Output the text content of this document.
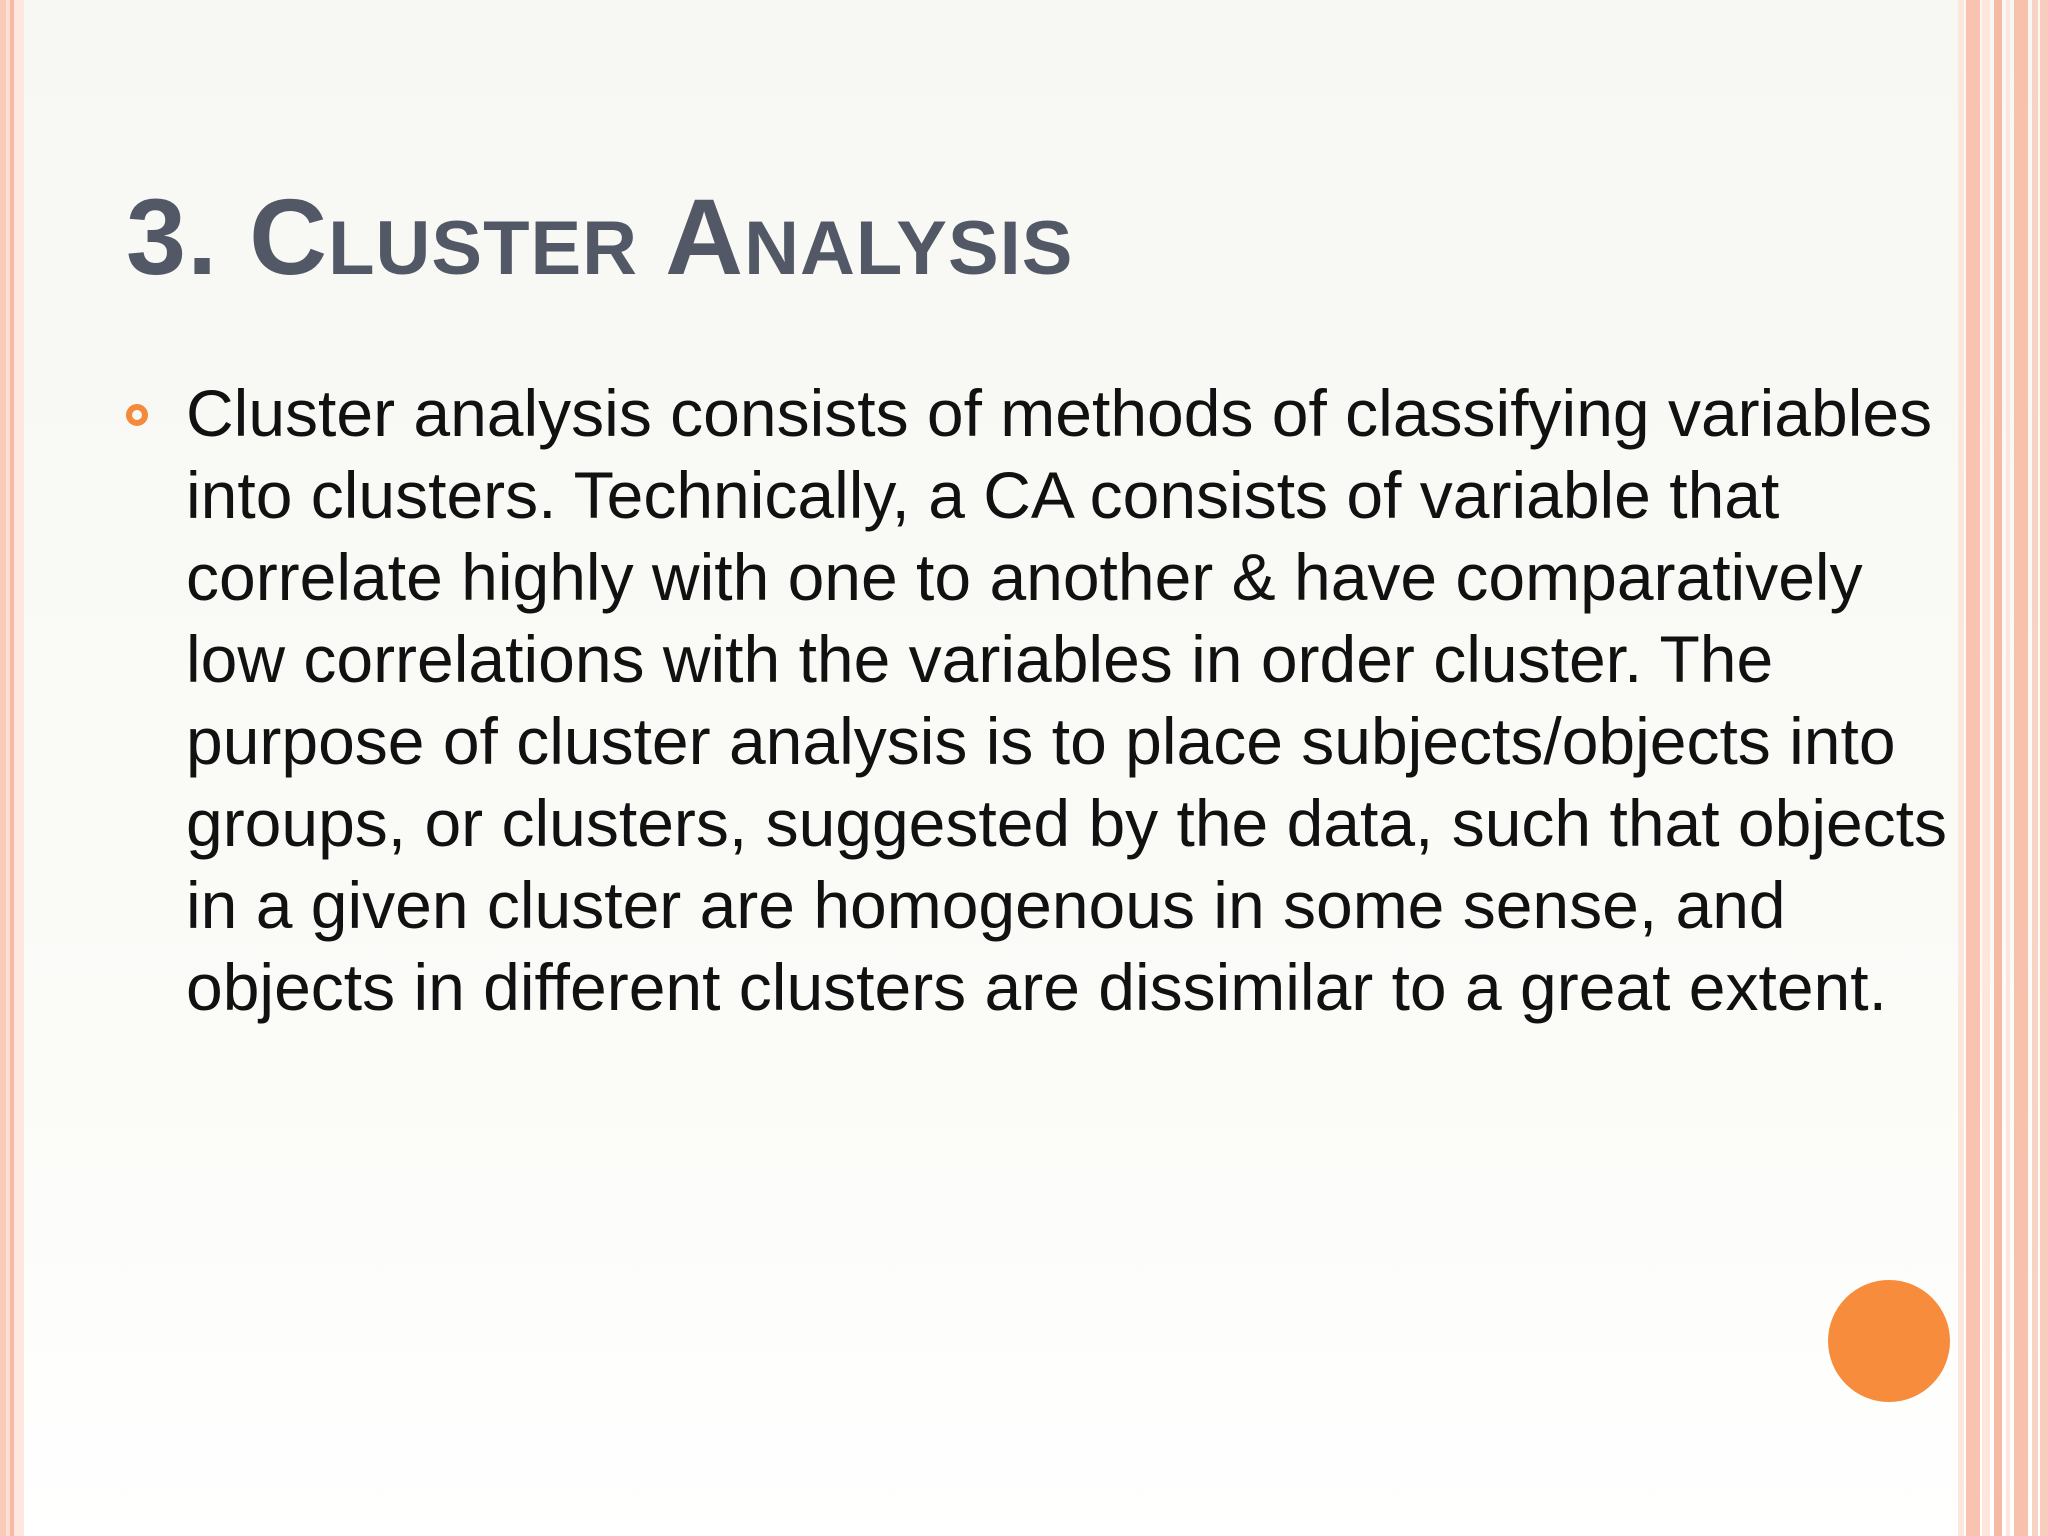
3. Cluster Analysis
Cluster analysis consists of methods of classifying variables into clusters. Technically, a CA consists of variable that correlate highly with one to another & have comparatively low correlations with the variables in order cluster. The purpose of cluster analysis is to place subjects/objects into groups, or clusters, suggested by the data, such that objects in a given cluster are homogenous in some sense, and objects in different clusters are dissimilar to a great extent.
